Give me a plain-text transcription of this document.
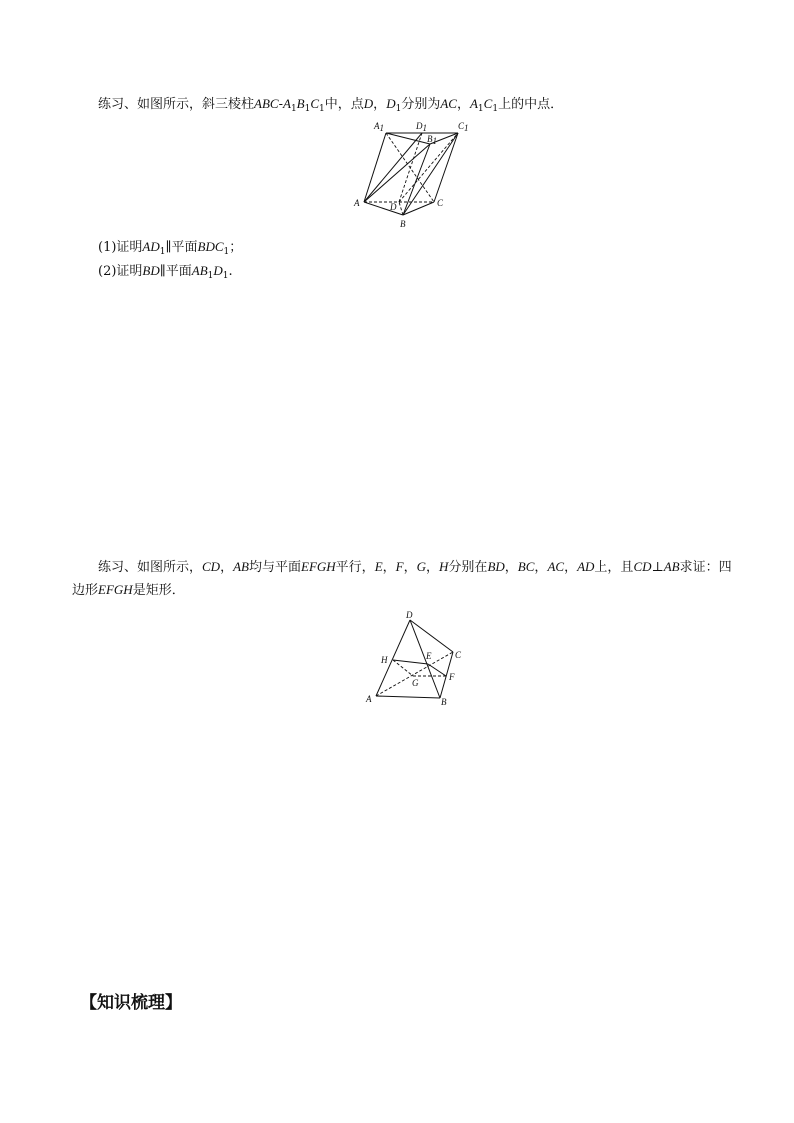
练习、如图所示，斜三棱柱ABC-$A_1B_1C_1$中，点D，$D_1$分别为AC，$A_1C_1$上的中点．
A1	D1
B1
C1
A	D	C
B
(1)证明$AD_1\parallel$平面$BDC_1$；
(2)证明BD∥平面$AB_1D_1$.
练习、如图所示，CD，AB均与平面EFGH平行，E，F，G，H分别在BD，BC，AC，AD上，且CD⊥AB求证：四边形EFGH是矩形．
D
H	E	C
F
G
A	B
【知识梳理】
